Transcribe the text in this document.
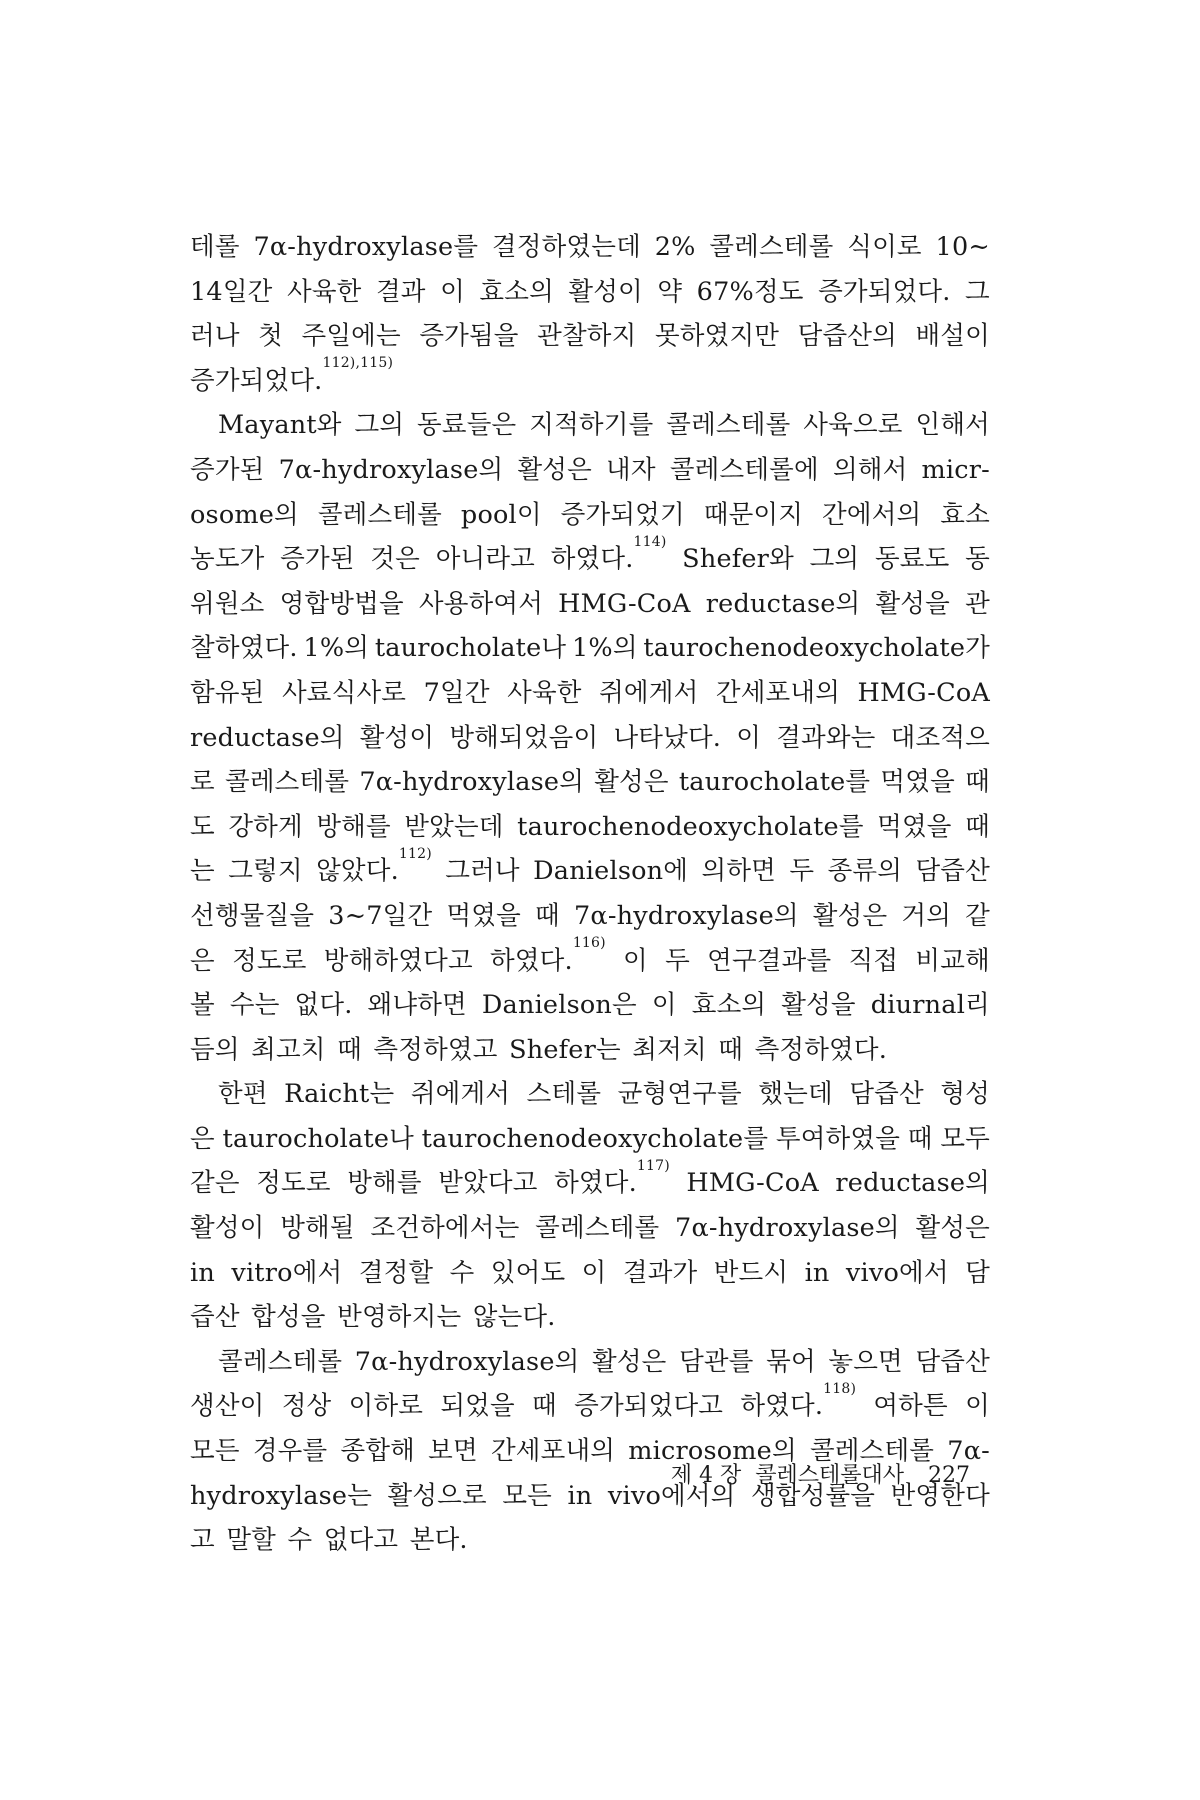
테롤 7α-hydroxylase를 결정하였는데 2% 콜레스테롤 식이로 10∼
14일간 사육한 결과 이 효소의 활성이 약 67%정도 증가되었다. 그
러나 첫 주일에는 증가됨을 관찰하지 못하였지만 담즙산의 배설이
증가되었다.$^{112),115)}$
Mayant와 그의 동료들은 지적하기를 콜레스테롤 사육으로 인해서
증가된 7α-hydroxylase의 활성은 내자 콜레스테롤에 의해서 micr-
osome의 콜레스테롤 pool이 증가되었기 때문이지 간에서의 효소
농도가 증가된 것은 아니라고 하였다.$^{114)}$
Shefer와 그의 동료도 동
위원소 영합방법을 사용하여서 HMG-CoA reductase의 활성을 관
찰하였다. 1%의 taurocholate나 1%의 taurochenodeoxycholate가
함유된 사료식사로 7일간 사육한 쥐에게서 간세포내의 HMG-CoA
reductase의 활성이 방해되었음이 나타났다. 이 결과와는 대조적으
로 콜레스테롤 7α-hydroxylase의 활성은 taurocholate를 먹였을 때
도 강하게 방해를 받았는데 taurochenodeoxycholate를 먹였을 때
는 그렇지 않았다.$^{112)}$
그러나 Danielson에 의하면 두 종류의 담즙산
선행물질을 3∼7일간 먹였을 때 7α-hydroxylase의 활성은 거의 같
은 정도로 방해하였다고 하였다.$^{116)}$
이 두 연구결과를 직접 비교해
볼 수는 없다. 왜냐하면 Danielson은 이 효소의 활성을 diurnal리
듬의 최고치 때 측정하였고 Shefer는 최저치 때 측정하였다.
한편 Raicht는 쥐에게서 스테롤 균형연구를 했는데 담즙산 형성
은 taurocholate나 taurochenodeoxycholate를 투여하였을 때 모두
같은 정도로 방해를 받았다고 하였다.$^{117)}$
HMG-CoA reductase의
활성이 방해될 조건하에서는 콜레스테롤 7α-hydroxylase의 활성은
in vitro에서 결정할 수 있어도 이 결과가 반드시 in vivo에서 담
즙산 합성을 반영하지는 않는다.
콜레스테롤 7α-hydroxylase의 활성은 담관를 묶어 놓으면 담즙산
생산이 정상 이하로 되었을 때 증가되었다고 하였다.$^{118)}$
여하튼 이
모든 경우를 종합해 보면 간세포내의 microsome의 콜레스테롤 7α-
hydroxylase는 활성으로 모든 in vivo에서의 생합성률을 반영한다
고 말할 수 없다고 본다.
제 4 장 콜레스테롤대사 227
